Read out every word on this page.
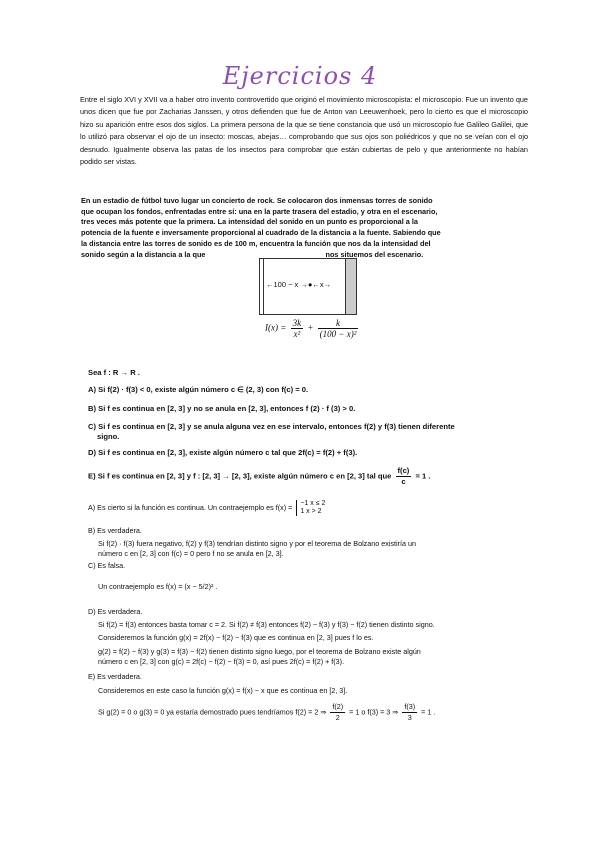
Ejercicios 4
Entre el siglo XVI y XVII va a haber otro invento controvertido que originó el movimiento microscopista: el microscopio. Fue un invento que unos dicen que fue por Zacharias Janssen, y otros defienden que fue de Anton van Leeuwenhoek, pero lo cierto es que el microscopio hizo su aparición entre esos dos siglos. La primera persona de la que se tiene constancia que usó un microscopio fue Galileo Galilei, que lo utilizó para observar el ojo de un insecto: moscas, abejas… comprobando que sus ojos son poliédricos y que no se veían con el ojo desnudo. Igualmente observa las patas de los insectos para comprobar que están cubiertas de pelo y que anteriormente no habían podido ser vistas.
En un estadio de fútbol tuvo lugar un concierto de rock. Se colocaron dos inmensas torres de sonido
que ocupan los fondos, enfrentadas entre sí: una en la parte trasera del estadio, y otra en el escenario,
tres veces más potente que la primera. La intensidad del sonido en un punto es proporcional a la
potencia de la fuente e inversamente proporcional al cuadrado de la distancia a la fuente. Sabiendo que
la distancia entre las torres de sonido es de 100 m, encuentra la función que nos da la intensidad del
sonido según a la distancia a la que	nos situemos del escenario.
←100 − x →●←x→
$I(x) = \frac{3k}{\text{x²}} + \frac{k}{\text{(100 − x)²}}$
Sea f : R → R .
A) Si f(2) · f(3) < 0, existe algún número c ∈ (2, 3) con f(c) = 0.
B) Si f es continua en [2, 3] y no se anula en [2, 3], entonces f (2) · f (3) > 0.
C) Si f es continua en [2, 3] y se anula alguna vez en ese intervalo, entonces f(2) y f(3) tienen diferente
signo.
D) Si f es continua en [2, 3], existe algún número c tal que 2f(c) = f(2) + f(3).
E) Si f es continua en [2, 3] y f : [2, 3] → [2, 3], existe algún número c en [2, 3] tal que $\frac{f(c)}{c} = 1$ .
A) Es cierto si la función es continua. Un contraejemplo es f(x) = −1 x ≤ 2
1 x > 2
B) Es verdadera.
Si f(2) · f(3) fuera negativo, f(2) y f(3) tendrían distinto signo y por el teorema de Bolzano existiría un
número c en [2, 3] con f(c) = 0 pero f no se anula en [2, 3].
C) Es falsa.
Un contraejemplo es f(x) = (x − 5/2)² .
D) Es verdadera.
Si f(2) = f(3) entonces basta tomar c = 2. Si f(2) ≠ f(3) entonces f(2) − f(3) y f(3) − f(2) tienen distinto signo.
Consideremos la función g(x) = 2f(x) − f(2) − f(3) que es continua en [2, 3] pues f lo es.
g(2) = f(2) − f(3) y g(3) = f(3) − f(2) tienen distinto signo luego, por el teorema de Bolzano existe algún
número c en [2, 3] con g(c) = 2f(c) − f(2) − f(3) = 0, así pues 2f(c) = f(2) + f(3).
E) Es verdadera.
Consideremos en este caso la función g(x) = f(x) − x que es continua en [2, 3].
Si g(2) = 0 o g(3) = 0 ya estaría demostrado pues tendríamos f(2) = 2 ⇒ $\frac{f(2)}{2} = 1$ o f(3) = 3 ⇒ $\frac{f(3)}{3} = 1$ .
